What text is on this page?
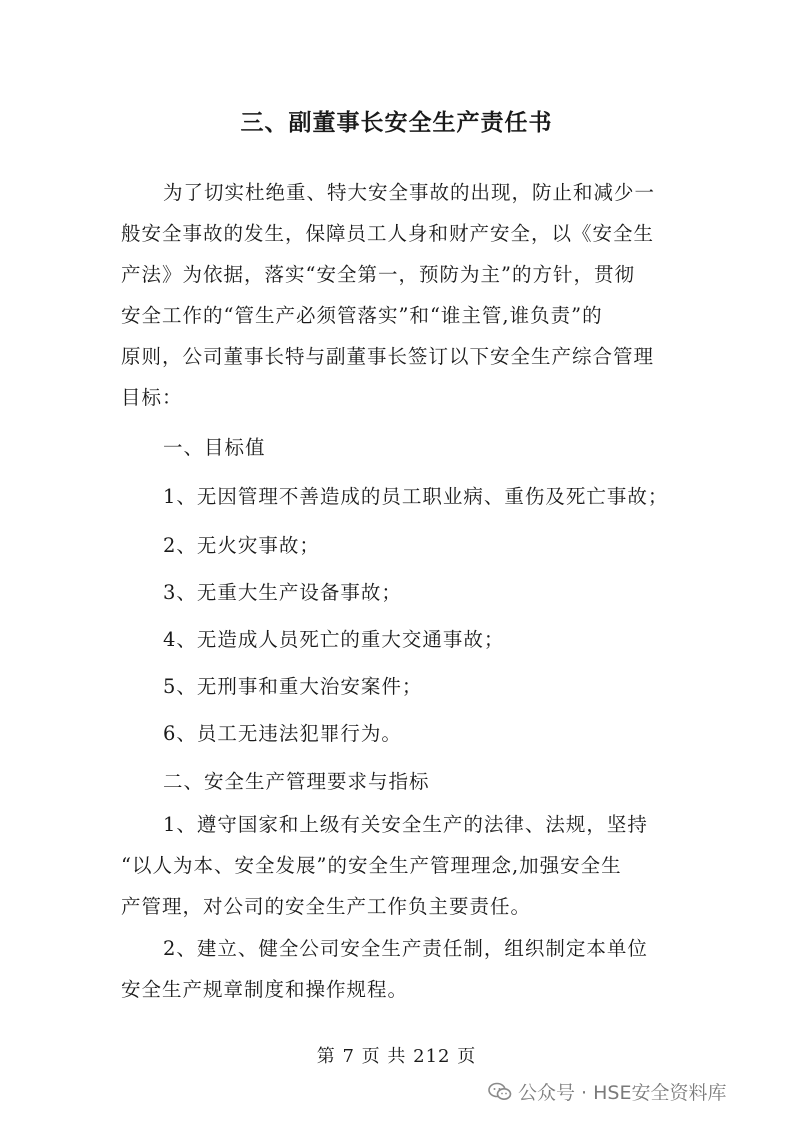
三、副董事长安全生产责任书
为了切实杜绝重、特大安全事故的出现，防止和减少一
般安全事故的发生，保障员工人身和财产安全，以《安全生
产法》为依据，落实“安全第一，预防为主”的方针，贯彻
安全工作的“管生产必须管落实”和“谁主管,谁负责”的
原则，公司董事长特与副董事长签订以下安全生产综合管理
目标：
一、目标值
1、无因管理不善造成的员工职业病、重伤及死亡事故；
2、无火灾事故；
3、无重大生产设备事故；
4、无造成人员死亡的重大交通事故；
5、无刑事和重大治安案件；
6、员工无违法犯罪行为。
二、安全生产管理要求与指标
1、遵守国家和上级有关安全生产的法律、法规，坚持
“以人为本、安全发展”的安全生产管理理念,加强安全生
产管理，对公司的安全生产工作负主要责任。
2、建立、健全公司安全生产责任制，组织制定本单位
安全生产规章制度和操作规程。
第 7 页 共 212 页
公众号 · HSE安全资料库
